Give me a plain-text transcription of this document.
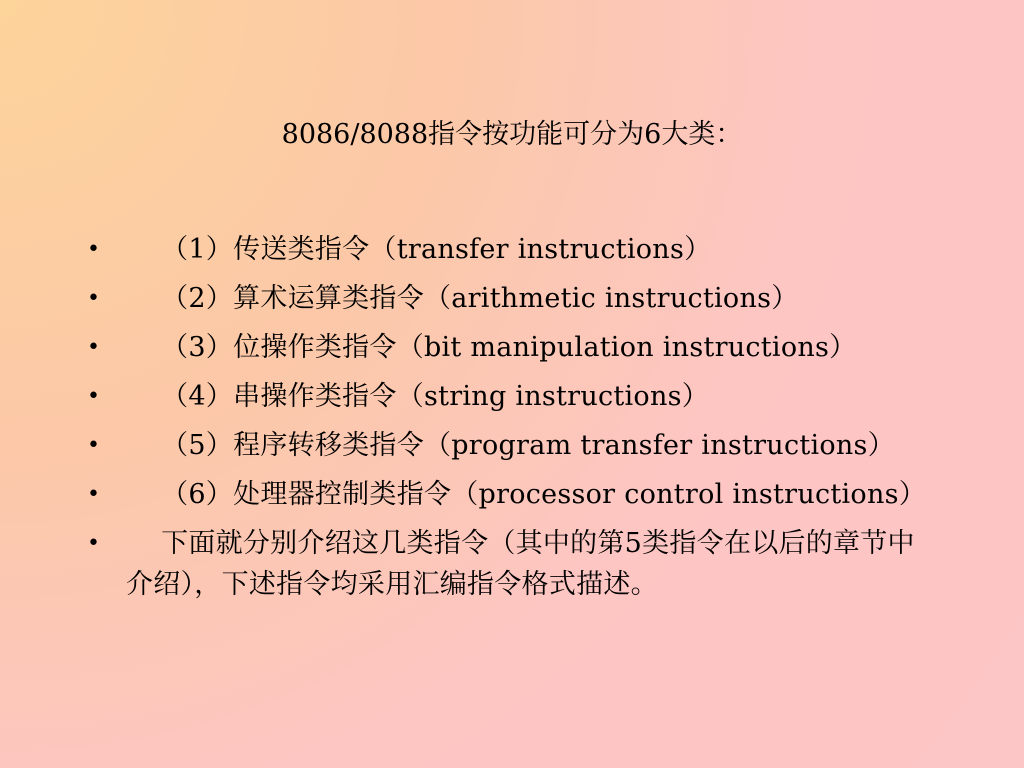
8086/8088指令按功能可分为6大类：
•	（1）传送类指令（transfer instructions）
•	（2）算术运算类指令（arithmetic instructions）
•	（3）位操作类指令（bit manipulation instructions）
•	（4）串操作类指令（string instructions）
•	（5）程序转移类指令（program transfer instructions）
•	（6）处理器控制类指令（processor control instructions）
•	下面就分别介绍这几类指令（其中的第5类指令在以后的章节中介绍），下述指令均采用汇编指令格式描述。
